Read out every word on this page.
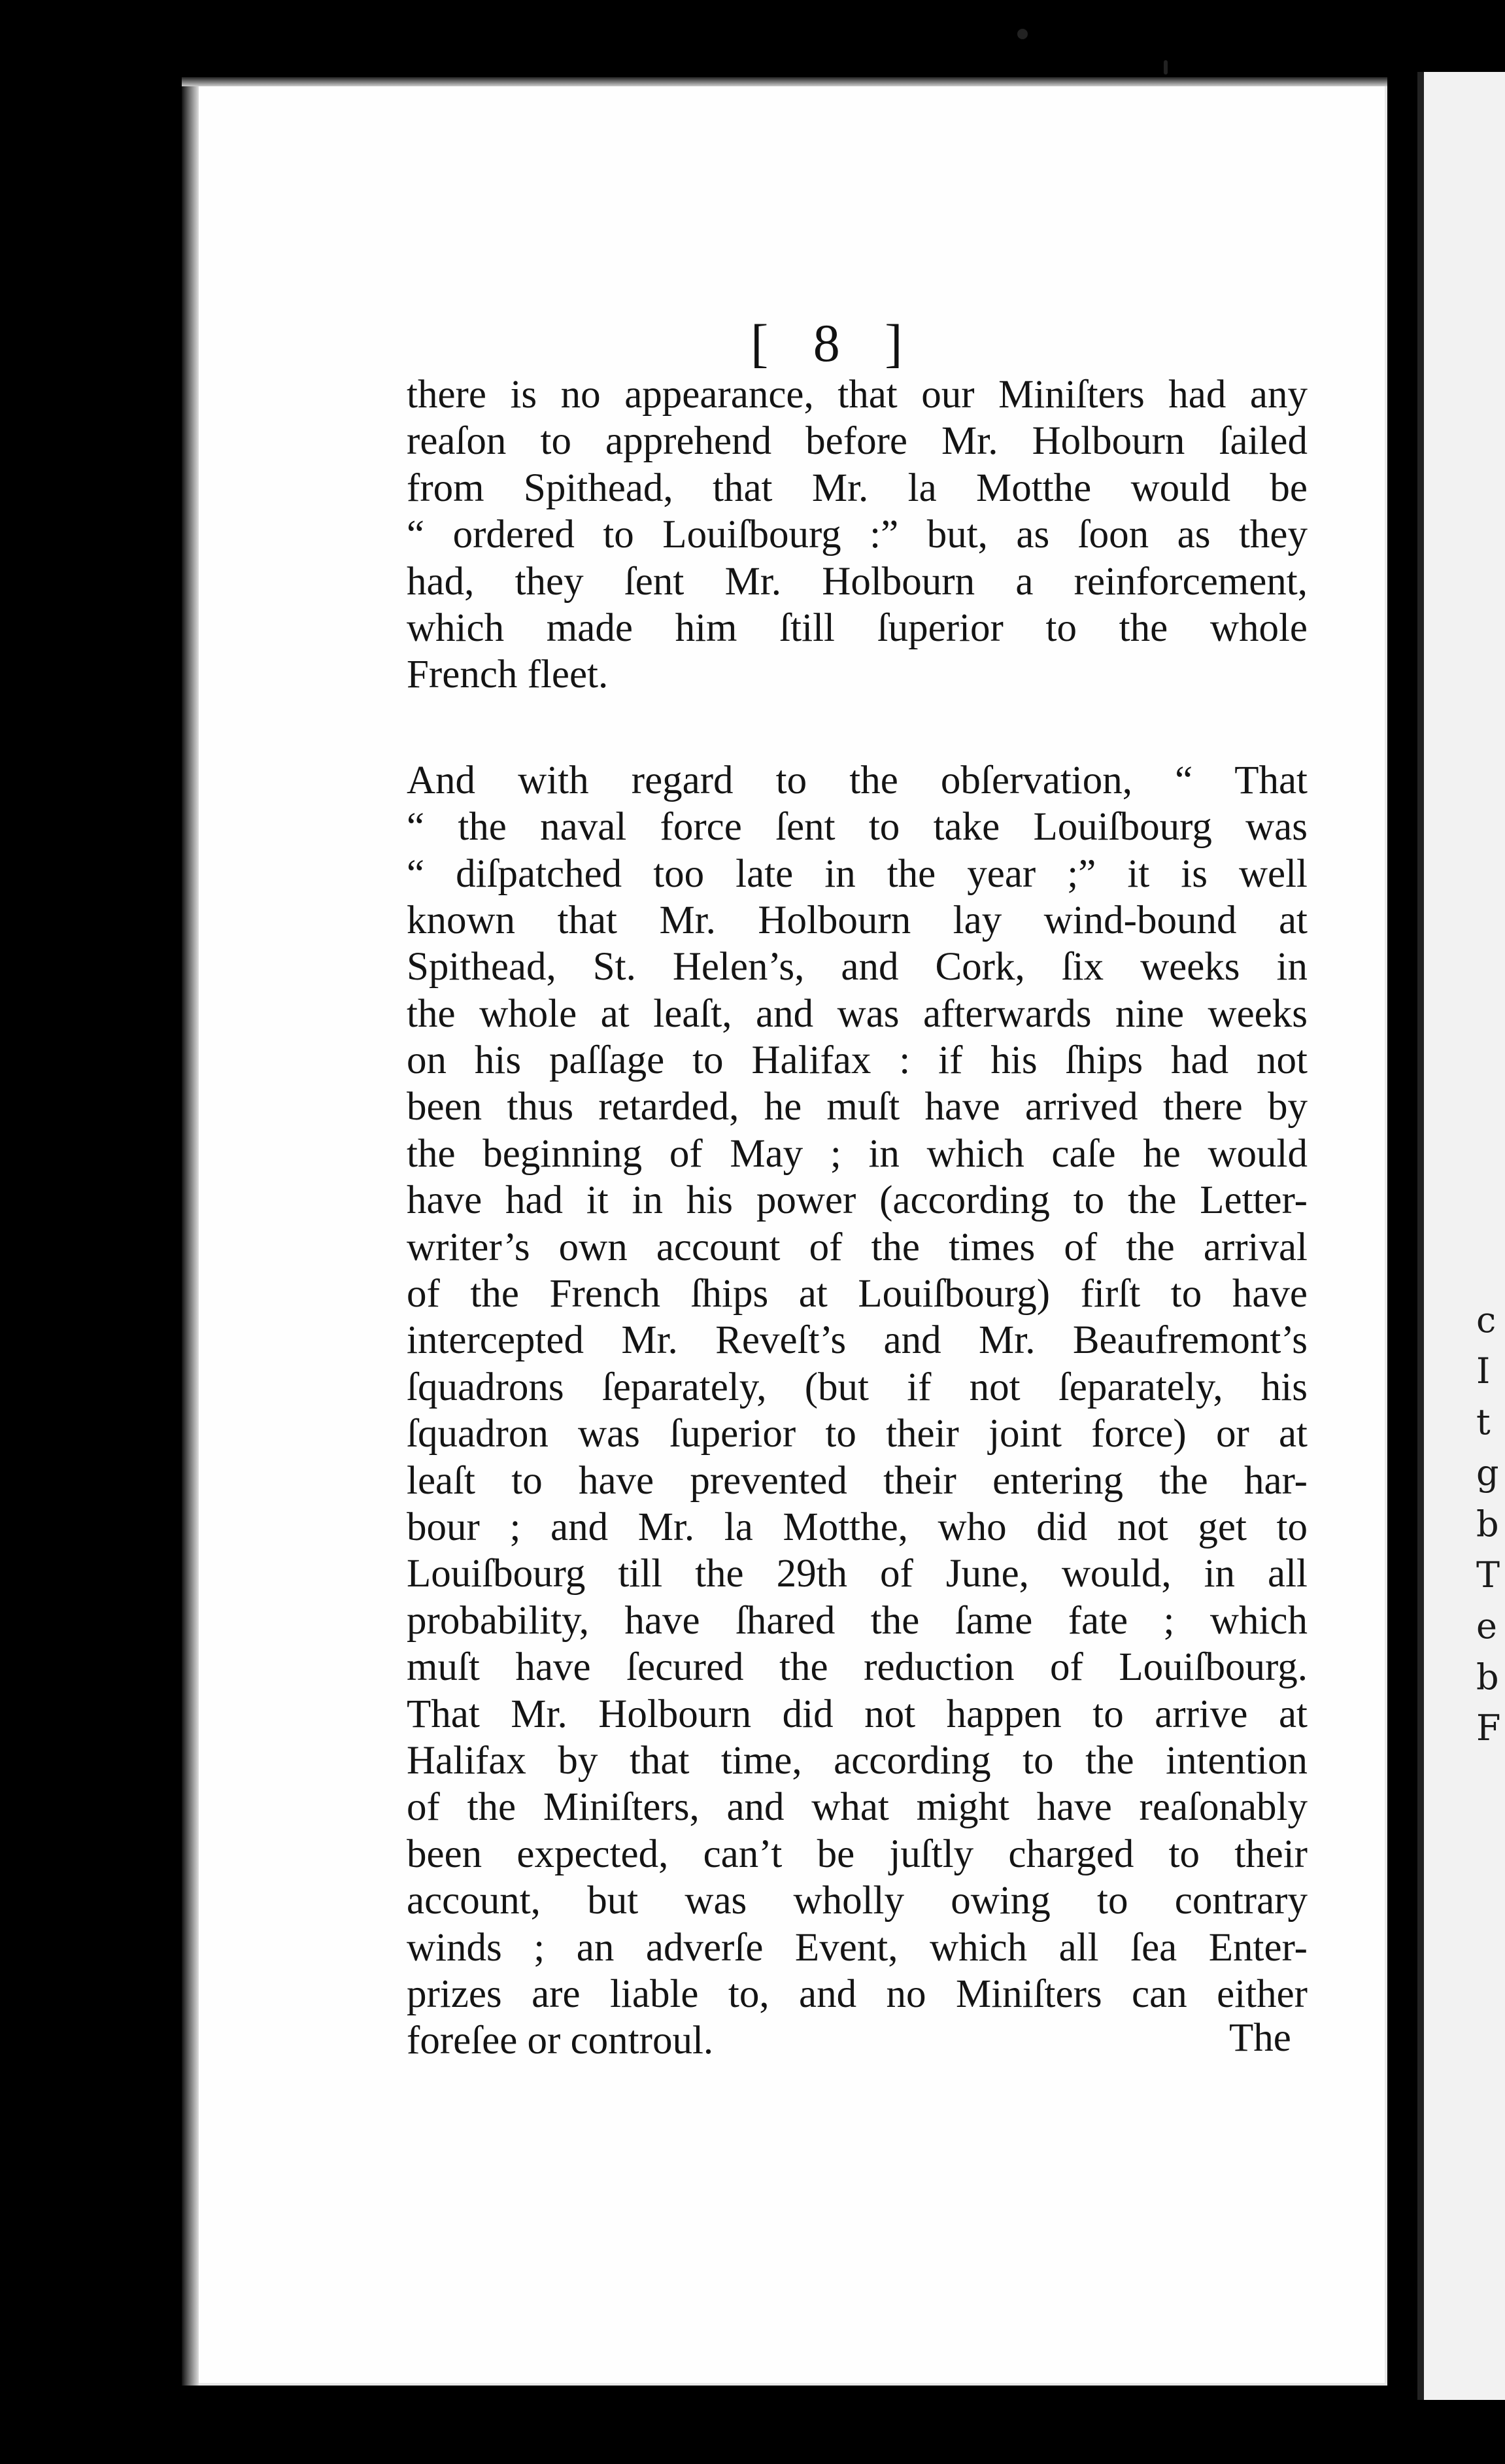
c
I
t
g
b
T
e
b
F
[ 8 ]
there is no appearance, that our Miniſters had any
reaſon to apprehend before Mr. Holbourn ſailed
from Spithead, that Mr. la Motthe would be
“ ordered to Louiſbourg :” but, as ſoon as they
had, they ſent Mr. Holbourn a reinforcement,
which made him ſtill ſuperior to the whole
French fleet.
And with regard to the obſervation, “ That
“ the naval force ſent to take Louiſbourg was
“ diſpatched too late in the year ;” it is well
known that Mr. Holbourn lay wind-bound at
Spithead, St. Helen’s, and Cork, ſix weeks in
the whole at leaſt, and was afterwards nine weeks
on his paſſage to Halifax : if his ſhips had not
been thus retarded, he muſt have arrived there by
the beginning of May ; in which caſe he would
have had it in his power (according to the Letter-
writer’s own account of the times of the arrival
of the French ſhips at Louiſbourg) firſt to have
intercepted Mr. Reveſt’s and Mr. Beaufremont’s
ſquadrons ſeparately, (but if not ſeparately, his
ſquadron was ſuperior to their joint force) or at
leaſt to have prevented their entering the har-
bour ; and Mr. la Motthe, who did not get to
Louiſbourg till the 29th of June, would, in all
probability, have ſhared the ſame fate ; which
muſt have ſecured the reduction of Louiſbourg.
That Mr. Holbourn did not happen to arrive at
Halifax by that time, according to the intention
of the Miniſters, and what might have reaſonably
been expected, can’t be juſtly charged to their
account, but was wholly owing to contrary
winds ; an adverſe Event, which all ſea Enter-
prizes are liable to, and no Miniſters can either
foreſee or controul.	The
